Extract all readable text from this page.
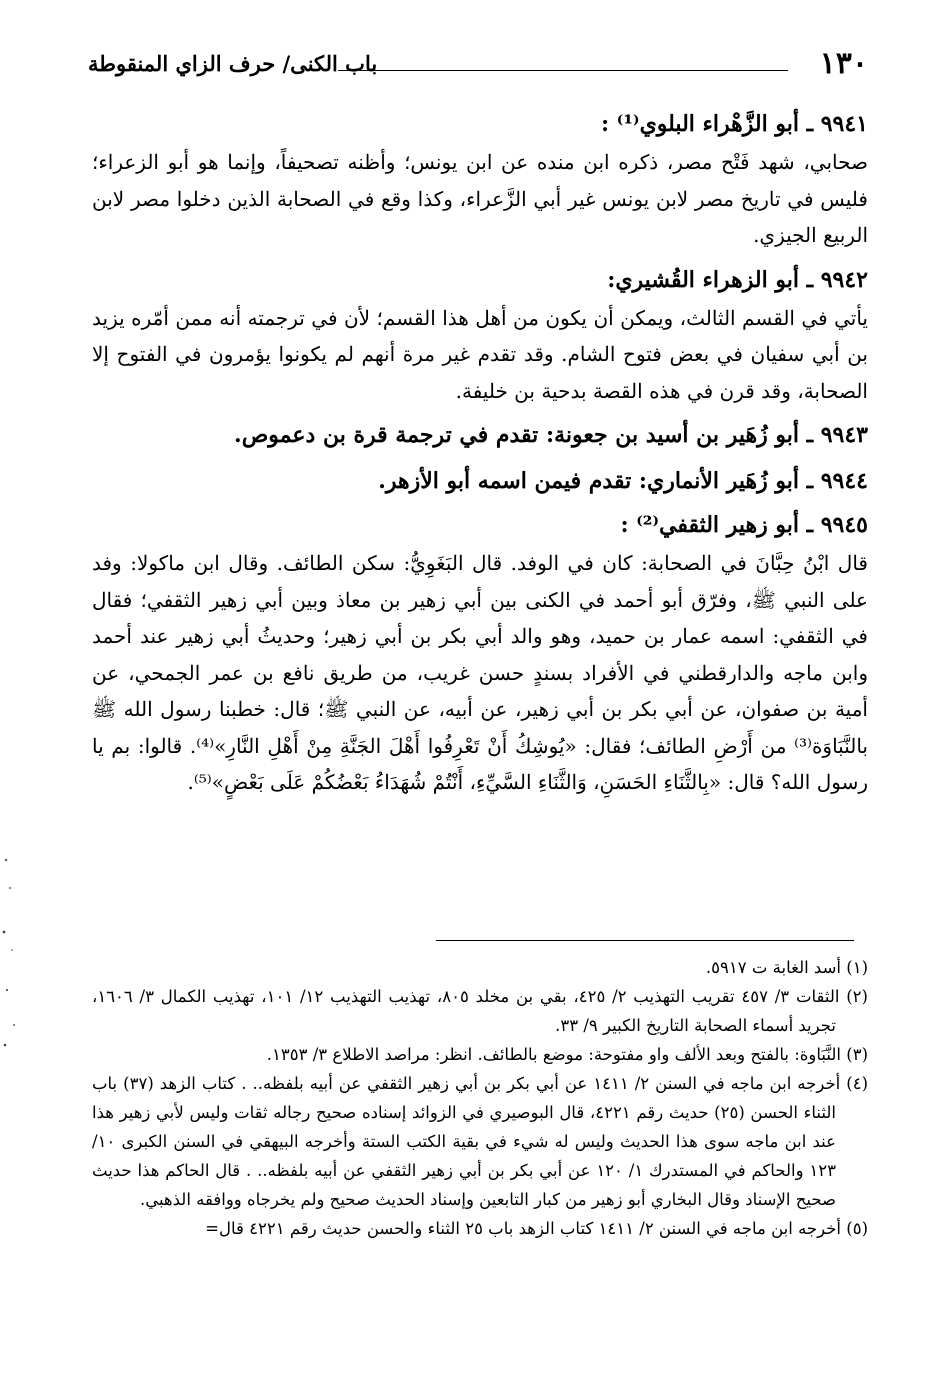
١٣٠
باب الكنى/ حرف الزاي المنقوطة

٩٩٤١ ـ أبو الزَّهْراء البلوي⁽¹⁾ :

صحابي، شهد فَتْح مصر، ذكره ابن منده عن ابن يونس؛ وأظنه تصحيفاً، وإنما هو أبو الزعراء؛ فليس في تاريخ مصر لابن يونس غير أبي الزَّعراء، وكذا وقع في الصحابة الذين دخلوا مصر لابن الربيع الجيزي.

٩٩٤٢ ـ أبو الزهراء القُشيري:

يأتي في القسم الثالث، ويمكن أن يكون من أهل هذا القسم؛ لأن في ترجمته أنه ممن أمّره يزيد بن أبي سفيان في بعض فتوح الشام. وقد تقدم غير مرة أنهم لم يكونوا يؤمرون في الفتوح إلا الصحابة، وقد قرن في هذه القصة بدحية بن خليفة.

٩٩٤٣ ـ أبو زُهَير بن أسيد بن جعونة: تقدم في ترجمة قرة بن دعموص.

٩٩٤٤ ـ أبو زُهَير الأنماري: تقدم فيمن اسمه أبو الأزهر.

٩٩٤٥ ـ أبو زهير الثقفي⁽²⁾ :

قال ابْنُ حِبَّانَ في الصحابة: كان في الوفد. قال البَغَوِيُّ: سكن الطائف. وقال ابن ماكولا: وفد على النبي ﷺ، وفرّق أبو أحمد في الكنى بين أبي زهير بن معاذ وبين أبي زهير الثقفي؛ فقال في الثقفي: اسمه عمار بن حميد، وهو والد أبي بكر بن أبي زهير؛ وحديثُ أبي زهير عند أحمد وابن ماجه والدارقطني في الأفراد بسندٍ حسن غريب، من طريق نافع بن عمر الجمحي، عن أمية بن صفوان، عن أبي بكر بن أبي زهير، عن أبيه، عن النبي ﷺ؛ قال: خطبنا رسول الله ﷺ بالنَّبَاوَة⁽³⁾ من أَرْضِ الطائف؛ فقال: «يُوشِكُ أَنْ تَعْرِفُوا أَهْلَ الجَنَّةِ مِنْ أَهْلِ النَّارِ»⁽⁴⁾. قالوا: بم يا رسول الله؟ قال: «بِالثَّنَاءِ الحَسَنِ، وَالثَّنَاءِ السَّيِّءِ، أَنْتُمْ شُهَدَاءُ بَعْضُكُمْ عَلَى بَعْضٍ»⁽⁵⁾.

(١) أسد الغابة ت ٥٩١٧.

(٢) الثقات ٣/ ٤٥٧ تقريب التهذيب ٢/ ٤٢٥، بقي بن مخلد ٨٠٥، تهذيب التهذيب ١٢/ ١٠١، تهذيب الكمال ٣/ ١٦٠٦، تجريد أسماء الصحابة التاريخ الكبير ٩/ ٣٣.

(٣) النَّبَاوة: بالفتح وبعد الألف واو مفتوحة: موضع بالطائف. انظر: مراصد الاطلاع ٣/ ١٣٥٣.

(٤) أخرجه ابن ماجه في السنن ٢/ ١٤١١ عن أبي بكر بن أبي زهير الثقفي عن أبيه بلفظه.. . كتاب الزهد (٣٧) باب الثناء الحسن (٢٥) حديث رقم ٤٢٢١، قال البوصيري في الزوائد إسناده صحيح رجاله ثقات وليس لأبي زهير هذا عند ابن ماجه سوى هذا الحديث وليس له شيء في بقية الكتب الستة وأخرجه البيهقي في السنن الكبرى ١٠/ ١٢٣ والحاكم في المستدرك ١/ ١٢٠ عن أبي بكر بن أبي زهير الثقفي عن أبيه بلفظه.. . قال الحاكم هذا حديث صحيح الإسناد وقال البخاري أبو زهير من كبار التابعين وإسناد الحديث صحيح ولم يخرجاه ووافقه الذهبي.

(٥) أخرجه ابن ماجه في السنن ٢/ ١٤١١ كتاب الزهد باب ٢٥ الثناء والحسن حديث رقم ٤٢٢١ قال=
